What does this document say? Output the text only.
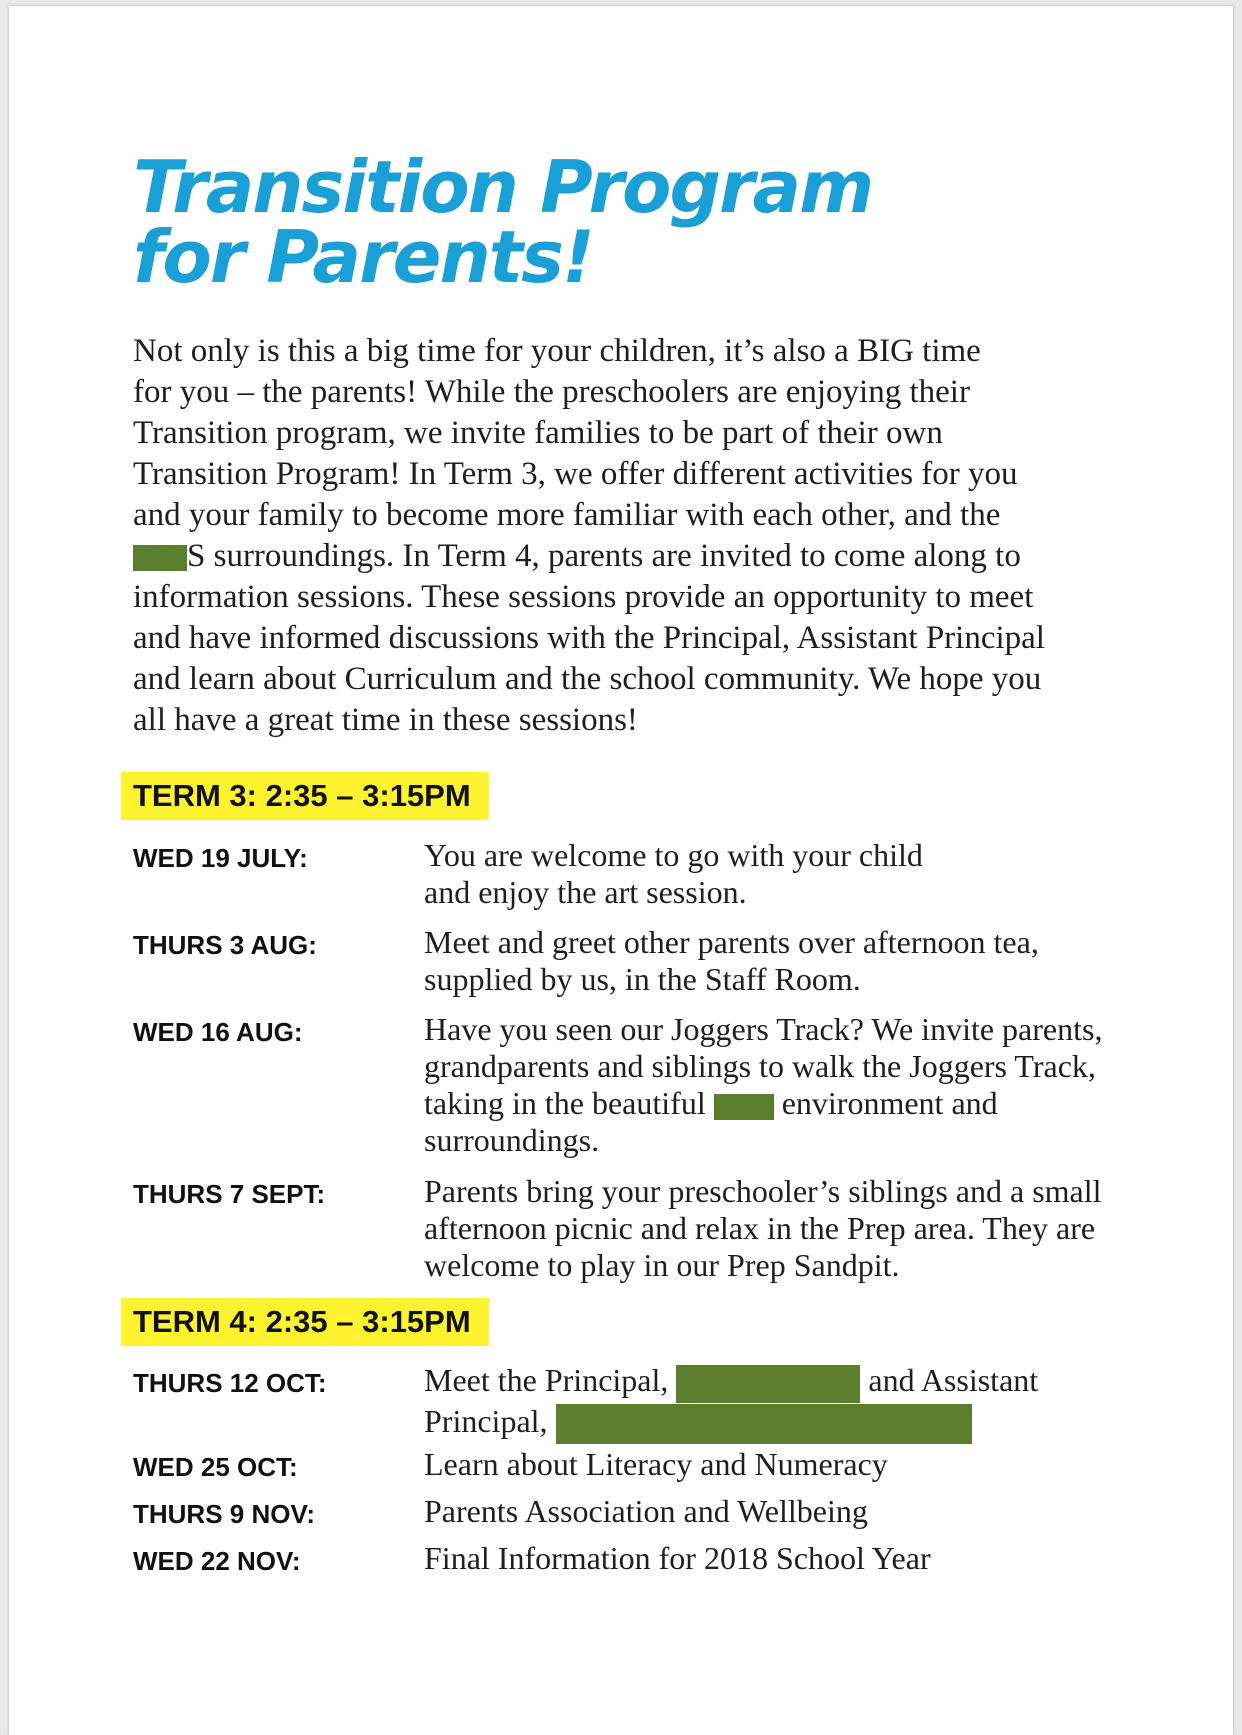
Transition Program
for Parents!

Not only is this a big time for your children, it’s also a BIG time

for you – the parents! While the preschoolers are enjoying their

Transition program, we invite families to be part of their own

Transition Program! In Term 3, we offer different activities for you

and your family to become more familiar with each other, and the

S surroundings. In Term 4, parents are invited to come along to

information sessions. These sessions provide an opportunity to meet

and have informed discussions with the Principal, Assistant Principal

and learn about Curriculum and the school community. We hope you

all have a great time in these sessions!

TERM 3: 2:35 – 3:15PM
WED 19 JULY:	You are welcome to go with your child
and enjoy the art session.
THURS 3 AUG:	Meet and greet other parents over afternoon tea,
supplied by us, in the Staff Room.
WED 16 AUG:	Have you seen our Joggers Track? We invite parents,
grandparents and siblings to walk the Joggers Track,
taking in the beautiful environment and
surroundings.
THURS 7 SEPT:	Parents bring your preschooler’s siblings and a small
afternoon picnic and relax in the Prep area. They are
welcome to play in our Prep Sandpit.
TERM 4: 2:35 – 3:15PM
THURS 12 OCT:	Meet the Principal,	and Assistant
Principal,
WED 25 OCT:	Learn about Literacy and Numeracy
THURS 9 NOV:	Parents Association and Wellbeing
WED 22 NOV:	Final Information for 2018 School Year
